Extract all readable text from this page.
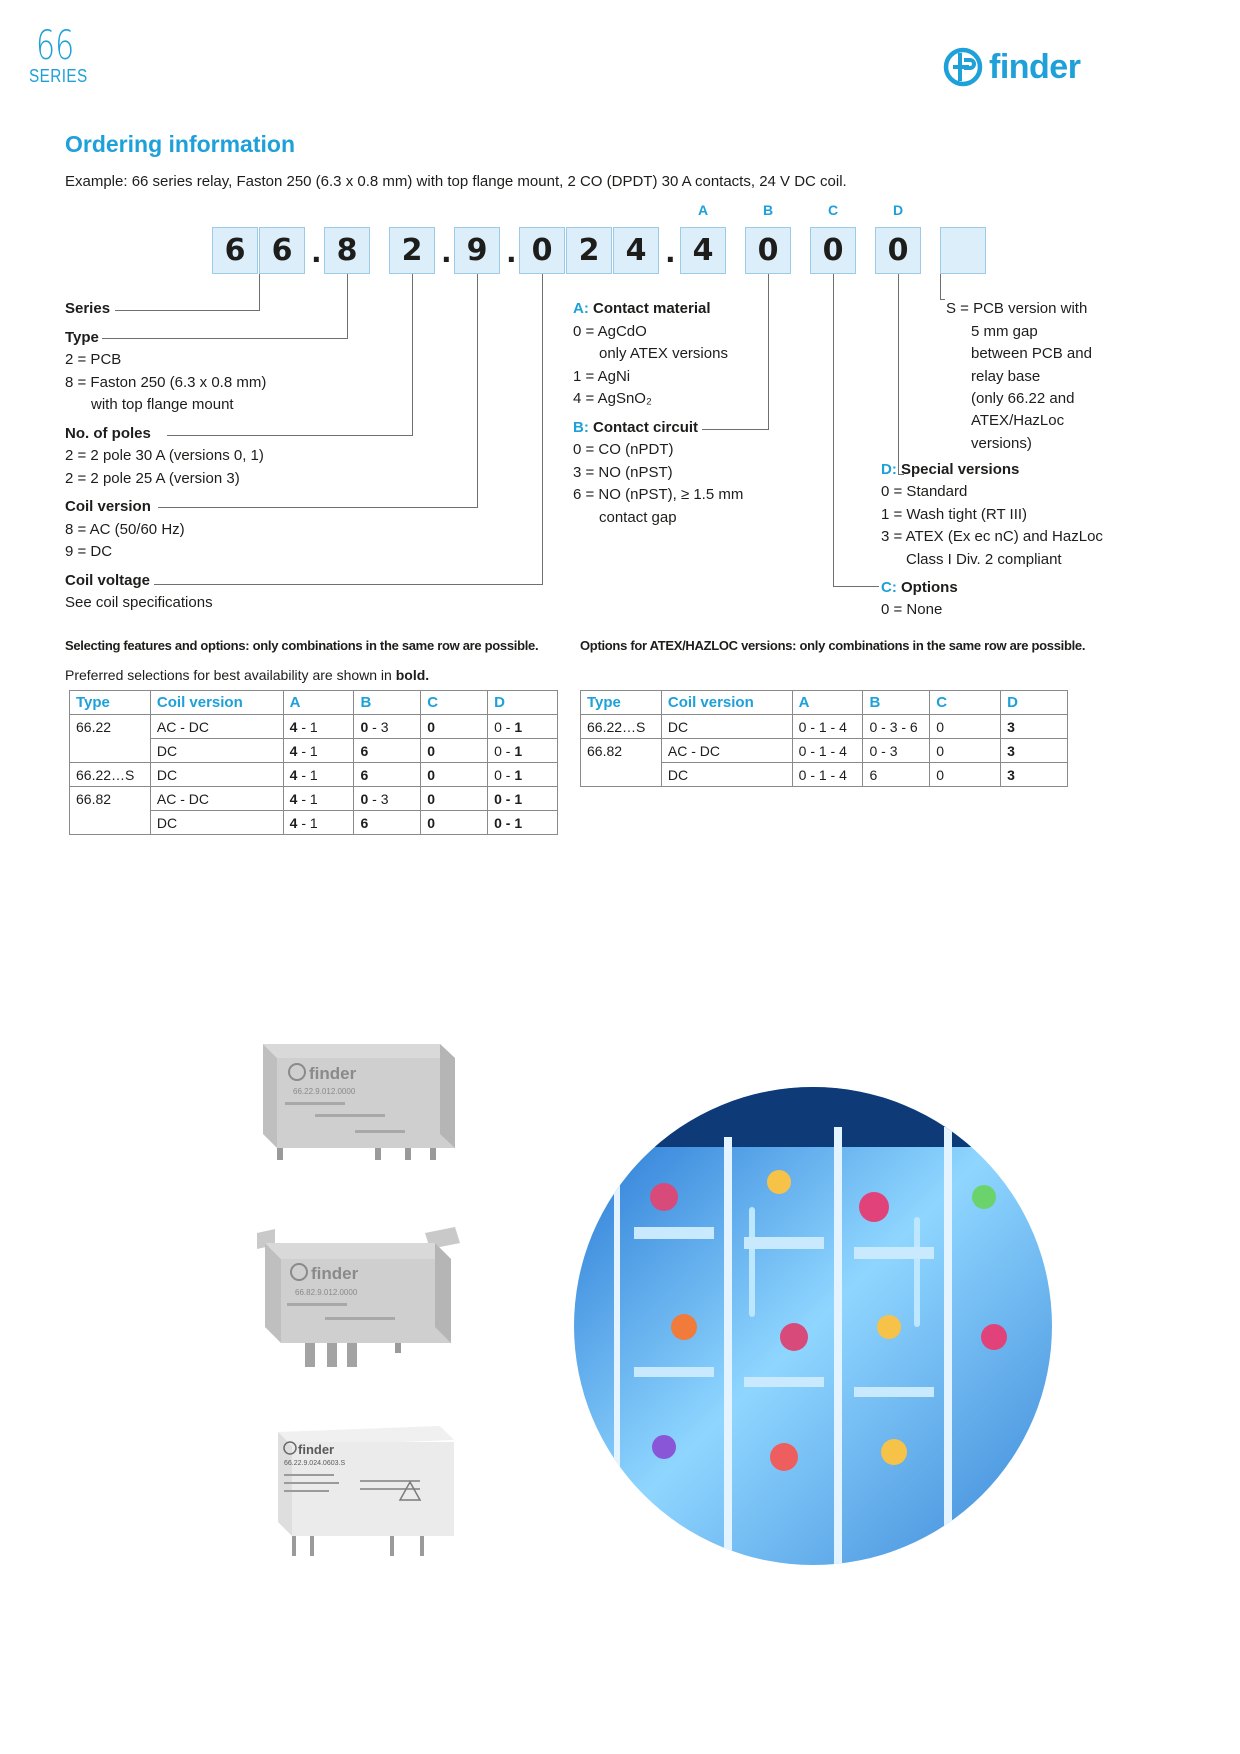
66
SERIES	finder
Ordering information
Example: 66 series relay, Faston 250 (6.3 x 0.8 mm) with top flange mount, 2 CO (DPDT) 30 A contacts, 24 V DC coil.
A	B	C	D
6 6 . 8	2 . 9 . 0 2 4 . 4	0	0	0
Series
Type
2 = PCB
8 = Faston 250 (6.3 x 0.8 mm)
with top flange mount
No. of poles
2 = 2 pole 30 A (versions 0, 1)
2 = 2 pole 25 A (version 3)
Coil version
8 = AC (50/60 Hz)
9 = DC
Coil voltage
See coil specifications
A: Contact material
0 = AgCdO
only ATEX versions
1 = AgNi
4 = AgSnO₂
B: Contact circuit
0 = CO (nPDT)
3 = NO (nPST)
6 = NO (nPST), ≥ 1.5 mm
contact gap
S = PCB version with
5 mm gap
between PCB and
relay base
(only 66.22 and
ATEX/HazLoc
versions)
D: Special versions
0 = Standard
1 = Wash tight (RT III)
3 = ATEX (Ex ec nC) and HazLoc
Class I Div. 2 compliant
C: Options
0 = None
Selecting features and options: only combinations in the same row are possible.
Preferred selections for best availability are shown in bold.
Options for ATEX/HAZLOC versions: only combinations in the same row are possible.
Type	Coil version	A	B	C	D
66.22	AC - DC	4 - 1	0 - 3	0	0 - 1
	DC	4 - 1	6	0	0 - 1
66.22…S	DC	4 - 1	6	0	0 - 1
66.82	AC - DC	4 - 1	0 - 3	0	0 - 1
	DC	4 - 1	6	0	0 - 1
Type	Coil version	A	B	C	D
66.22…S	DC	0 - 1 - 4	0 - 3 - 6	0	3
66.82	AC - DC	0 - 1 - 4	0 - 3	0	3
	DC	0 - 1 - 4	6	0	3
finder
66.22.9.012.0000
finder
66.82.9.012.0000
finder
66.22.9.024.0603.S
